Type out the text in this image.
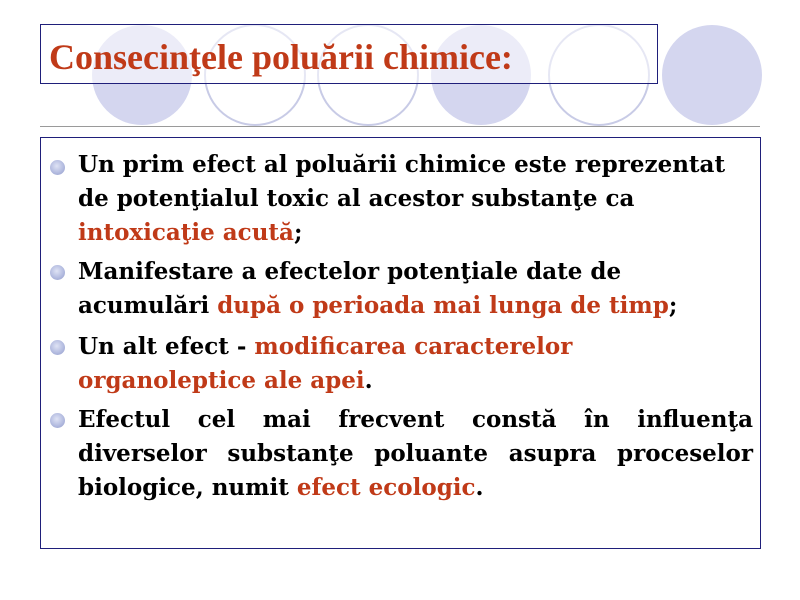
Consecinţele poluării chimice:
Un prim efect al poluării chimice este reprezentat de potenţialul toxic al acestor substanţe ca intoxicaţie acută;
Manifestare a efectelor potenţiale date de acumulări după o perioada mai lunga de timp;
Un alt efect - modificarea caracterelor organoleptice ale apei.
Efectul cel mai frecvent constă în influenţa diverselor substanţe poluante asupra proceselor biologice, numit efect ecologic.
